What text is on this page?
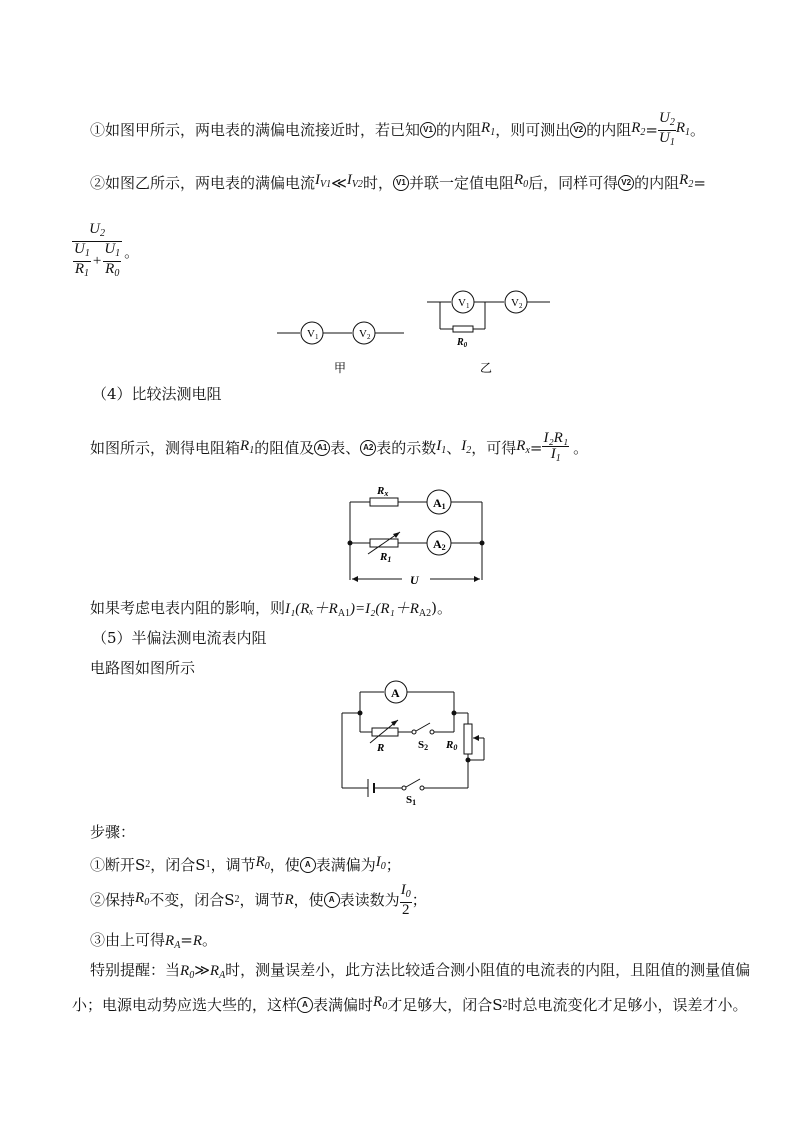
①如图甲所示，两电表的满偏电流接近时，若已知 V1 的内阻 $R_1$ ，则可测出 V2 的内阻 $R_2 = \frac{U_2}{U_1} R_1$ 。
②如图乙所示，两电表的满偏电流 $I_{V1}$ ≪ $I_{V2}$ 时， V1 并联一定值电阻 $R_0$ 后，同样可得 V2 的内阻 $R_2$ =
$\frac{U_2}{\frac{U_1}{R_1} + \frac{U_1}{R_0}}$ 。
V1	V2
甲
V1	V2
$R_0$
乙
（4）比较法测电阻
如图所示，测得电阻箱 $R_1$ 的阻值及 A1 表、 A2 表的示数 $I_1$ 、 $I_2$ ，可得 $R_x = \frac{\text{I₂R₁}}{I_1}$ 。
Rx
A1
R1
A2
U
如果考虑电表内阻的影响，则$I_1(R_x+R_{A1})=I_2(R_1+R_{A2})$。
（5）半偏法测电流表内阻
电路图如图所示
A
R	S2 R0
S1
步骤：
①断开S 2 ，闭合S 1 ，调节 $R_0$ ，使 A 表满偏为 $I_0$ ；
②保持 $R_0$ 不变，闭合S 2 ，调节 R ，使 A 表读数为 $\frac{I_0}{2}$ ；
③由上可得$R_A=R$。
特别提醒：当$R_0≫R_A$时，测量误差小，此方法比较适合测小阻值的电流表的内阻，且阻值的测量值偏
小；电源电动势应选大些的，这样 A 表满偏时 $R_0$ 才足够大，闭合S 2 时总电流变化才足够小，误差才小。
